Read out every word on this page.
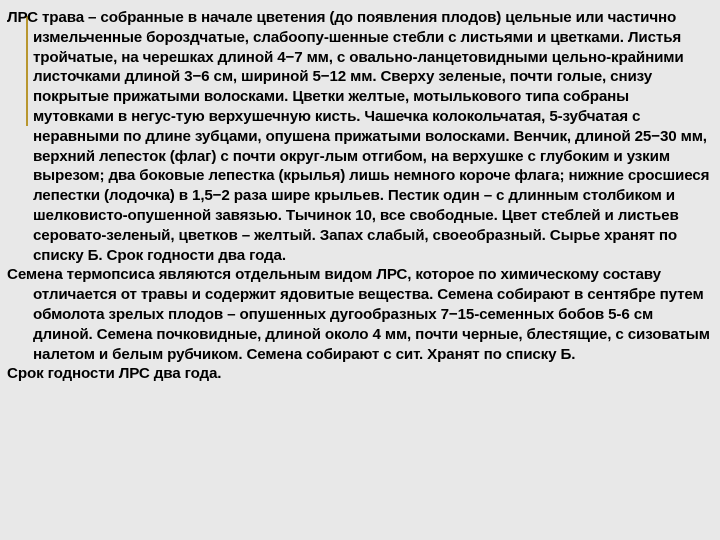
ЛРС трава – собранные в начале цветения (до появления плодов) цельные или частично измельченные бороздчатые, слабоопу-шенные стебли с листьями и цветками. Листья тройчатые, на черешках длиной 4−7 мм, с овально-ланцетовидными цельно-крайними листочками длиной 3−6 см, шириной 5−12 мм. Сверху зеленые, почти голые, снизу покрытые прижатыми волосками. Цветки желтые, мотылькового типа собраны мутовками в негус-тую верхушечную кисть. Чашечка колокольчатая, 5-зубчатая с неравными по длине зубцами, опушена прижатыми волосками. Венчик, длиной 25−30 мм, верхний лепесток (флаг) с почти округ-лым отгибом, на верхушке с глубоким и узким вырезом; два боковые лепестка (крылья) лишь немного короче флага; нижние сросшиеся лепестки (лодочка) в 1,5−2 раза шире крыльев. Пестик один – с длинным столбиком и шелковисто-опушенной завязью. Тычинок 10, все свободные. Цвет стеблей и листьев серовато-зеленый, цветков – желтый. Запах слабый, своеобразный. Сырье хранят по списку Б. Срок годности два года.

Семена термопсиса являются отдельным видом ЛРС, которое по химическому составу отличается от травы и содержит ядовитые вещества. Семена собирают в сентябре путем обмолота зрелых плодов – опушенных дугообразных 7−15-семенных бобов 5-6 см длиной. Семена почковидные, длиной около 4 мм, почти черные, блестящие, с сизоватым налетом и белым рубчиком. Семена собирают с сит. Хранят по списку Б.

Срок годности ЛРС два года.
